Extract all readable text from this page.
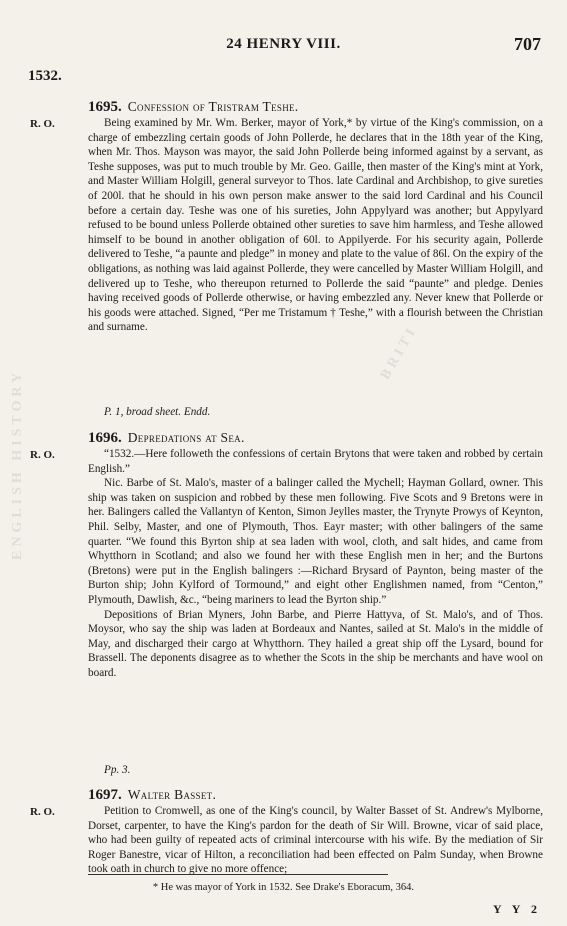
24 HENRY VIII.	707
1532.
R. O.
1695. Confession of Tristram Teshe.

Being examined by Mr. Wm. Berker, mayor of York,* by virtue of the King's commission, on a charge of embezzling certain goods of John Pollerde, he declares that in the 18th year of the King, when Mr. Thos. Mayson was mayor, the said John Pollerde being informed against by a servant, as Teshe supposes, was put to much trouble by Mr. Geo. Gaille, then master of the King's mint at York, and Master William Holgill, general surveyor to Thos. late Cardinal and Archbishop, to give sureties of 200l. that he should in his own person make answer to the said lord Cardinal and his Council before a certain day. Teshe was one of his sureties, John Appylyard was another; but Appylyard refused to be bound unless Pollerde obtained other sureties to save him harmless, and Teshe allowed himself to be bound in another obligation of 60l. to Appilyerde. For his security again, Pollerde delivered to Teshe, “a paunte and pledge” in money and plate to the value of 86l. On the expiry of the obligations, as nothing was laid against Pollerde, they were cancelled by Master William Holgill, and delivered up to Teshe, who thereupon returned to Pollerde the said “paunte” and pledge. Denies having received goods of Pollerde otherwise, or having embezzled any. Never knew that Pollerde or his goods were attached. Signed, “Per me Tristamum † Teshe,” with a flourish between the Christian and surname.

P. 1, broad sheet. Endd.
R. O.
1696. Depredations at Sea.

“1532.—Here followeth the confessions of certain Brytons that were taken and robbed by certain English.”

Nic. Barbe of St. Malo's, master of a balinger called the Mychell; Hayman Gollard, owner. This ship was taken on suspicion and robbed by these men following. Five Scots and 9 Bretons were in her. Balingers called the Vallantyn of Kenton, Simon Jeylles master, the Trynyte Prowys of Keynton, Phil. Selby, Master, and one of Plymouth, Thos. Eayr master; with other balingers of the same quarter. “We found this Byrton ship at sea laden with wool, cloth, and salt hides, and came from Whytthorn in Scotland; and also we found her with these English men in her; and the Burtons (Bretons) were put in the English balingers :—Richard Brysard of Paynton, being master of the Burton ship; John Kylford of Tormound,” and eight other Englishmen named, from “Centon,” Plymouth, Dawlish, &c., “being mariners to lead the Byrton ship.”

Depositions of Brian Myners, John Barbe, and Pierre Hattyva, of St. Malo's, and of Thos. Moysor, who say the ship was laden at Bordeaux and Nantes, sailed at St. Malo's in the middle of May, and discharged their cargo at Whytthorn. They hailed a great ship off the Lysard, bound for Brassell. The deponents disagree as to whether the Scots in the ship be merchants and have wool on board.

Pp. 3.
R. O.
1697. Walter Basset.

Petition to Cromwell, as one of the King's council, by Walter Basset of St. Andrew's Mylborne, Dorset, carpenter, to have the King's pardon for the death of Sir Will. Browne, vicar of said place, who had been guilty of repeated acts of criminal intercourse with his wife. By the mediation of Sir Roger Banestre, vicar of Hilton, a reconciliation had been effected on Palm Sunday, when Browne took oath in church to give no more offence;

* He was mayor of York in 1532. See Drake's Eboracum, 364.
Y Y 2
BRITI
ENGLISH HISTORY
